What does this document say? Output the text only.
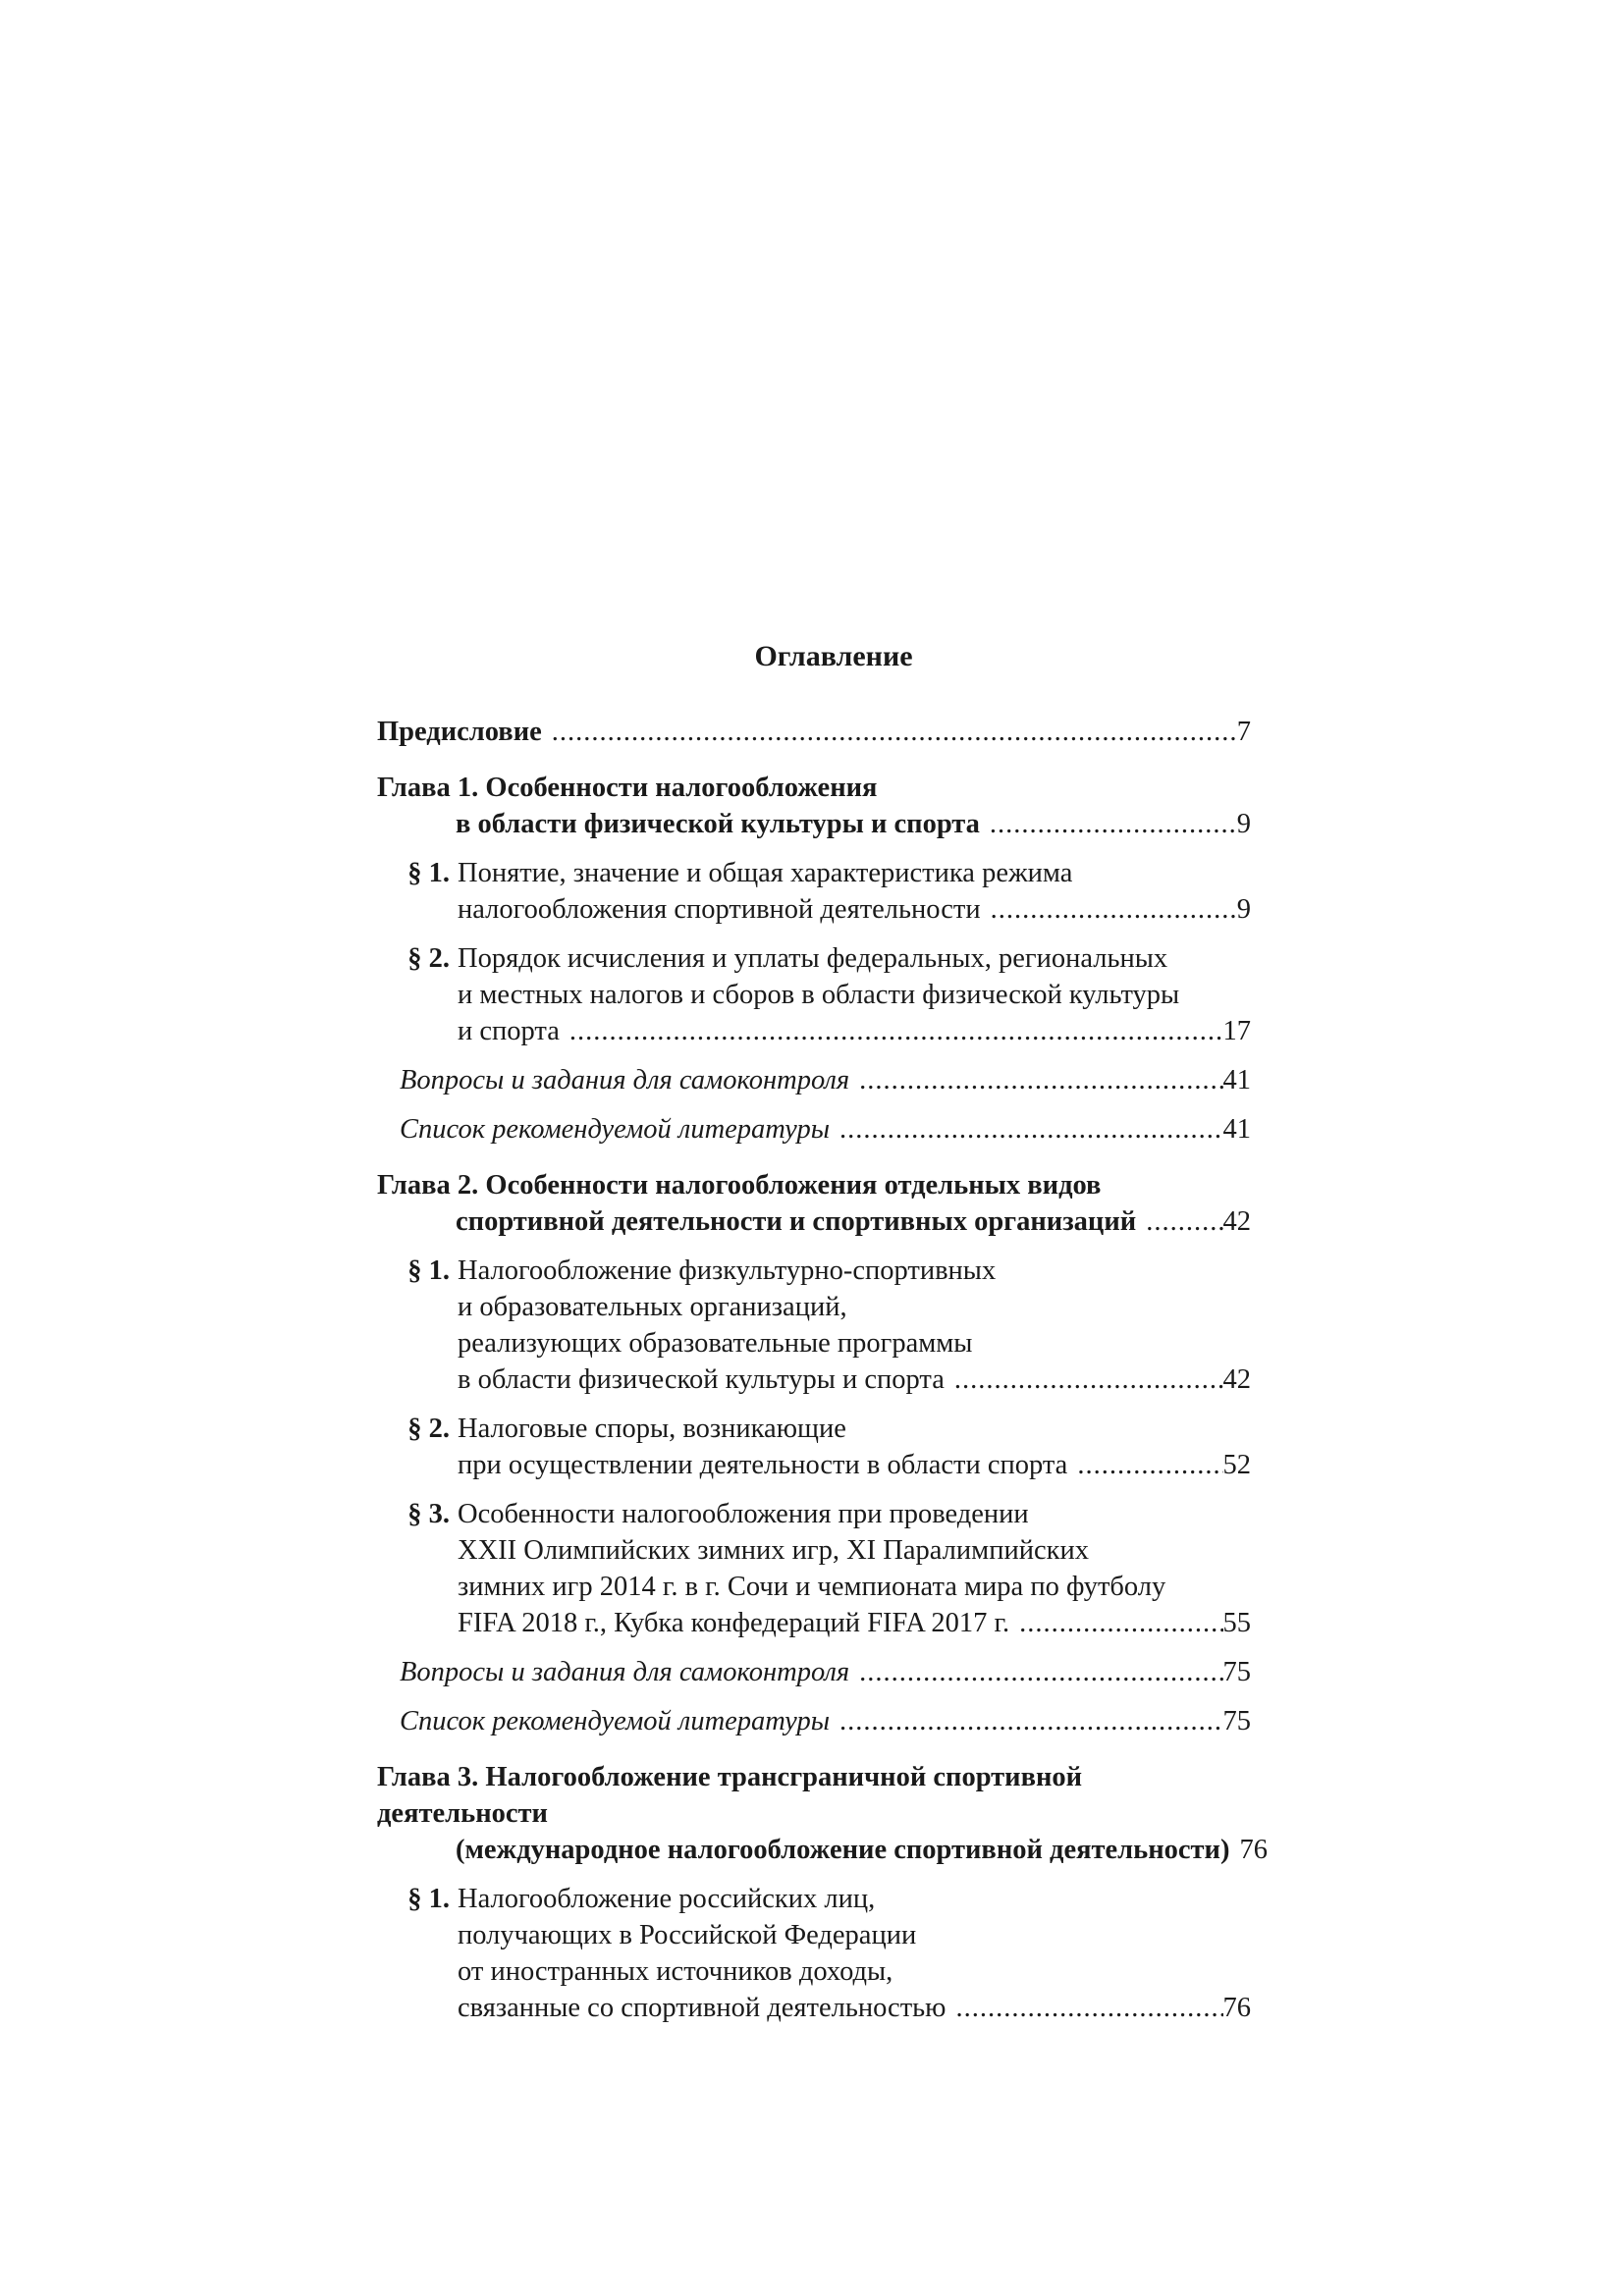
Оглавление
Предисловие .....	7
Глава 1. Особенности налогообложения
в области физической культуры и спорта .....	9
§ 1. Понятие, значение и общая характеристика режима
налогообложения спортивной деятельности .....	9
§ 2. Порядок исчисления и уплаты федеральных, региональных
и местных налогов и сборов в области физической культуры
и спорта .....	17
Вопросы и задания для самоконтроля .....	41
Список рекомендуемой литературы .....	41
Глава 2. Особенности налогообложения отдельных видов
спортивной деятельности и спортивных организаций .....	42
§ 1. Налогообложение физкультурно-спортивных
и образовательных организаций,
реализующих образовательные программы
в области физической культуры и спорта .....	42
§ 2. Налоговые споры, возникающие
при осуществлении деятельности в области спорта .....	52
§ 3. Особенности налогообложения при проведении
XXII Олимпийских зимних игр, XI Паралимпийских
зимних игр 2014 г. в г. Сочи и чемпионата мира по футболу
FIFA 2018 г., Кубка конфедераций FIFA 2017 г. .....	55
Вопросы и задания для самоконтроля .....	75
Список рекомендуемой литературы .....	75
Глава 3. Налогообложение трансграничной спортивной деятельности
(международное налогообложение спортивной деятельности) 76
§ 1. Налогообложение российских лиц,
получающих в Российской Федерации
от иностранных источников доходы,
связанные со спортивной деятельностью .....	76
